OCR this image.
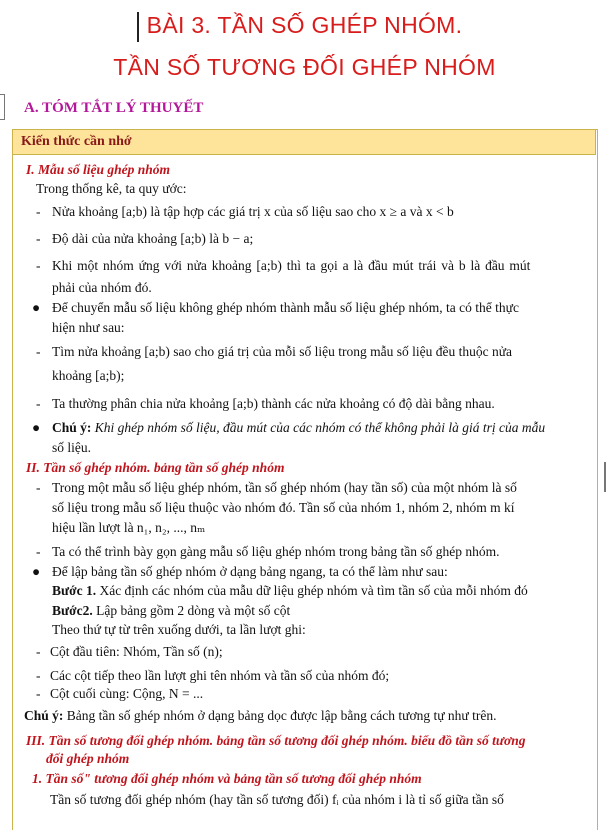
BÀI 3. TẦN SỐ GHÉP NHÓM.
TẦN SỐ TƯƠNG ĐỐI GHÉP NHÓM
A. TÓM TẮT LÝ THUYẾT
Kiến thức cần nhớ
I. Mẫu số liệu ghép nhóm
Trong thống kê, ta quy ước:
- Nửa khoảng [a;b) là tập hợp các giá trị x của số liệu sao cho x ≥ a và x < b
- Độ dài của nửa khoảng [a;b) là b − a;
- Khi một nhóm ứng với nửa khoảng [a;b) thì ta gọi a là đầu mút trái và b là đầu mút
phải của nhóm đó.
● Để chuyển mẫu số liệu không ghép nhóm thành mẫu số liệu ghép nhóm, ta có thể thực
hiện như sau:
- Tìm nửa khoảng [a;b) sao cho giá trị của mỗi số liệu trong mẫu số liệu đều thuộc nửa
khoảng [a;b);
- Ta thường phân chia nửa khoảng [a;b) thành các nửa khoảng có độ dài bằng nhau.
● Chú ý: Khi ghép nhóm số liệu, đầu mút của các nhóm có thể không phải là giá trị của mẫu
số liệu.
II. Tần số ghép nhóm. bảng tần số ghép nhóm
- Trong một mẫu số liệu ghép nhóm, tần số ghép nhóm (hay tần số) của một nhóm là số
số liệu trong mẫu số liệu thuộc vào nhóm đó. Tần số của nhóm 1, nhóm 2, nhóm m kí
hiệu lần lượt là n₁, n₂, ..., nₘ
- Ta có thể trình bày gọn gàng mẫu số liệu ghép nhóm trong bảng tần số ghép nhóm.
● Để lập bảng tần số ghép nhóm ở dạng bảng ngang, ta có thể làm như sau:
Bước 1. Xác định các nhóm của mẫu dữ liệu ghép nhóm và tìm tần số của mỗi nhóm đó
Bước2. Lập bảng gồm 2 dòng và một số cột
Theo thứ tự từ trên xuống dưới, ta lần lượt ghi:
- Cột đầu tiên: Nhóm, Tần số (n);
- Các cột tiếp theo lần lượt ghi tên nhóm và tần số của nhóm đó;
- Cột cuối cùng: Cộng, N = ...
Chú ý: Bảng tần số ghép nhóm ở dạng bảng dọc được lập bằng cách tương tự như trên.
III. Tần số tương đối ghép nhóm. bảng tần số tương đối ghép nhóm. biểu đồ tần số tương
đối ghép nhóm
1. Tần số" tương đối ghép nhóm và bảng tần số tương đối ghép nhóm
Tần số tương đối ghép nhóm (hay tần số tương đối) fᵢ của nhóm i là tỉ số giữa tần số
